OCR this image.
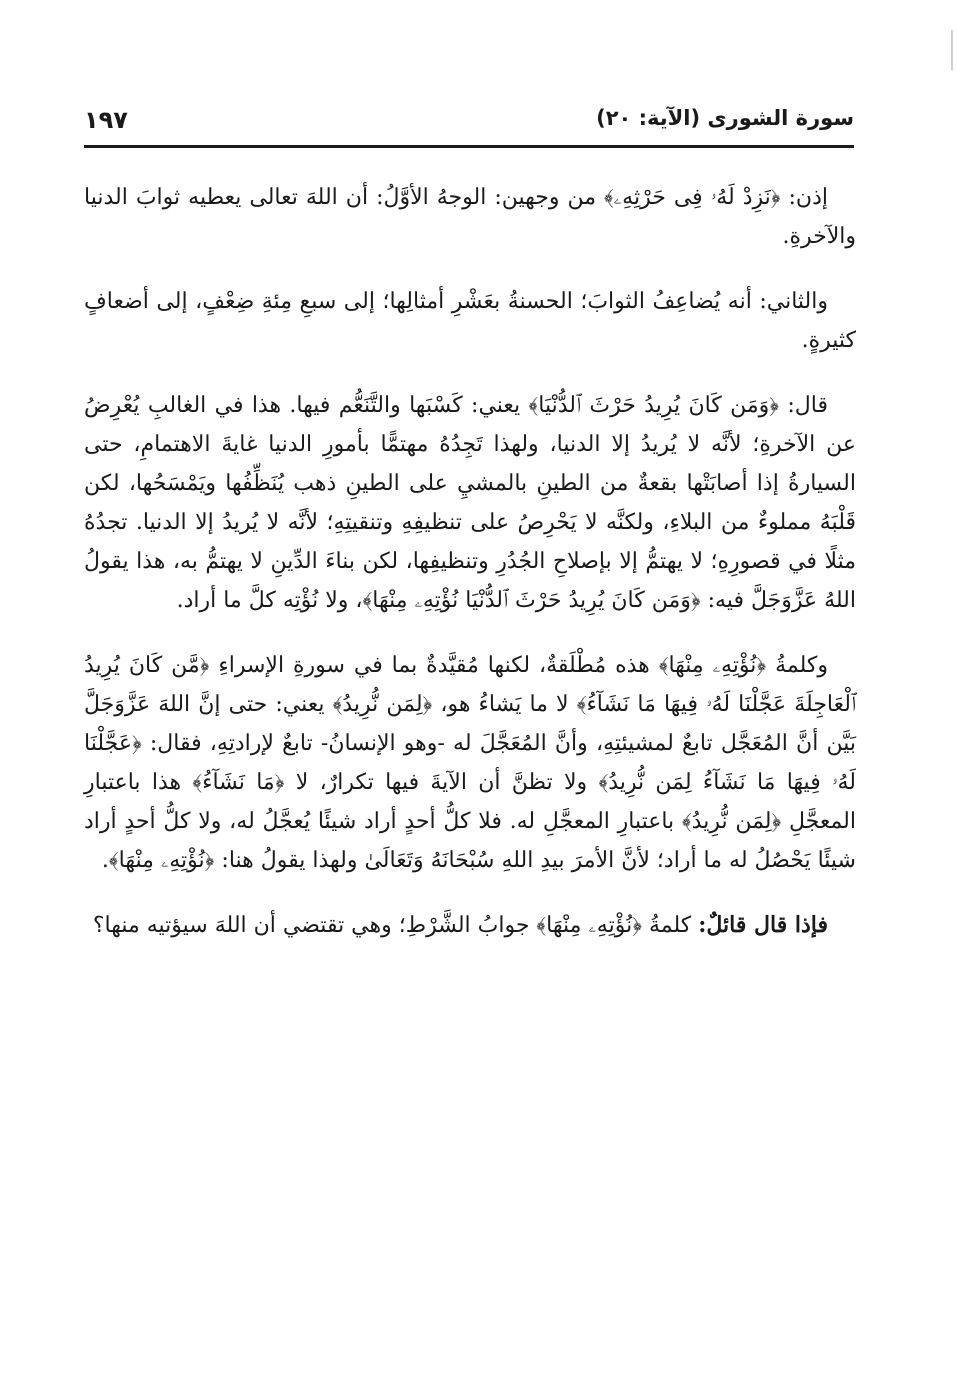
سورة الشورى (الآية: ٢٠)
١٩٧

إذن: ﴿نَزِدْ لَهُۥ فِى حَرْثِهِۦ﴾ من وجهين: الوجهُ الأوَّلُ: أن اللهَ تعالى يعطيه ثوابَ الدنيا والآخرةِ.

والثاني: أنه يُضاعِفُ الثوابَ؛ الحسنةُ بعَشْرِ أمثالِها؛ إلى سبعِ مِئةِ ضِعْفٍ، إلى أضعافٍ كثيرةٍ.

قال: ﴿وَمَن كَانَ يُرِيدُ حَرْثَ ٱلدُّنْيَا﴾ يعني: كَسْبَها والتَّنَعُّم فيها. هذا في الغالبِ يُعْرِضُ عن الآخرةِ؛ لأنَّه لا يُريدُ إلا الدنيا، ولهذا تَجِدُهُ مهتمًّا بأمورِ الدنيا غايةَ الاهتمامِ، حتى السيارةُ إذا أصابَتْها بقعةٌ من الطينِ بالمشيِ على الطينِ ذهب يُنَظِّفُها ويَمْسَحُها، لكن قَلْبَهُ مملوءٌ من البلاءِ، ولكنَّه لا يَحْرِصُ على تنظيفِهِ وتنقيتِهِ؛ لأنَّه لا يُريدُ إلا الدنيا. تجدُهُ مثلًا في قصورِهِ؛ لا يهتمُّ إلا بإصلاحِ الجُدُرِ وتنظيفِها، لكن بناءَ الدِّينِ لا يهتمُّ به، هذا يقولُ اللهُ عَزَّوَجَلَّ فيه: ﴿وَمَن كَانَ يُرِيدُ حَرْثَ ٱلدُّنْيَا نُؤْتِهِۦ مِنْهَا﴾، ولا نُؤْتِه كلَّ ما أراد.

وكلمةُ ﴿نُؤْتِهِۦ مِنْهَا﴾ هذه مُطْلَقةٌ، لكنها مُقيَّدةٌ بما في سورةِ الإسراءِ ﴿مَّن كَانَ يُرِيدُ ٱلْعَاجِلَةَ عَجَّلْنَا لَهُۥ فِيهَا مَا نَشَآءُ﴾ لا ما يَشاءُ هو، ﴿لِمَن نُّرِيدُ﴾ يعني: حتى إنَّ اللهَ عَزَّوَجَلَّ بَيَّن أنَّ المُعَجَّل تابعٌ لمشيئتِهِ، وأنَّ المُعَجَّلَ له -وهو الإنسانُ- تابعٌ لإرادتِهِ، فقال: ﴿عَجَّلْنَا لَهُۥ فِيهَا مَا نَشَآءُ لِمَن نُّرِيدُ﴾ ولا تظنَّ أن الآيةَ فيها تكرارٌ، لا ﴿مَا نَشَآءُ﴾ هذا باعتبارِ المعجَّلِ ﴿لِمَن نُّرِيدُ﴾ باعتبارِ المعجَّلِ له. فلا كلُّ أحدٍ أراد شيئًا يُعجَّلُ له، ولا كلُّ أحدٍ أراد شيئًا يَحْصُلُ له ما أراد؛ لأنَّ الأمرَ بيدِ اللهِ سُبْحَانَهُ وَتَعَالَىٰ ولهذا يقولُ هنا: ﴿نُؤْتِهِۦ مِنْهَا﴾.

فإذا قال قائلٌ: كلمةُ ﴿نُؤْتِهِۦ مِنْهَا﴾ جوابُ الشَّرْطِ؛ وهي تقتضي أن اللهَ سيؤتيه منها؟
